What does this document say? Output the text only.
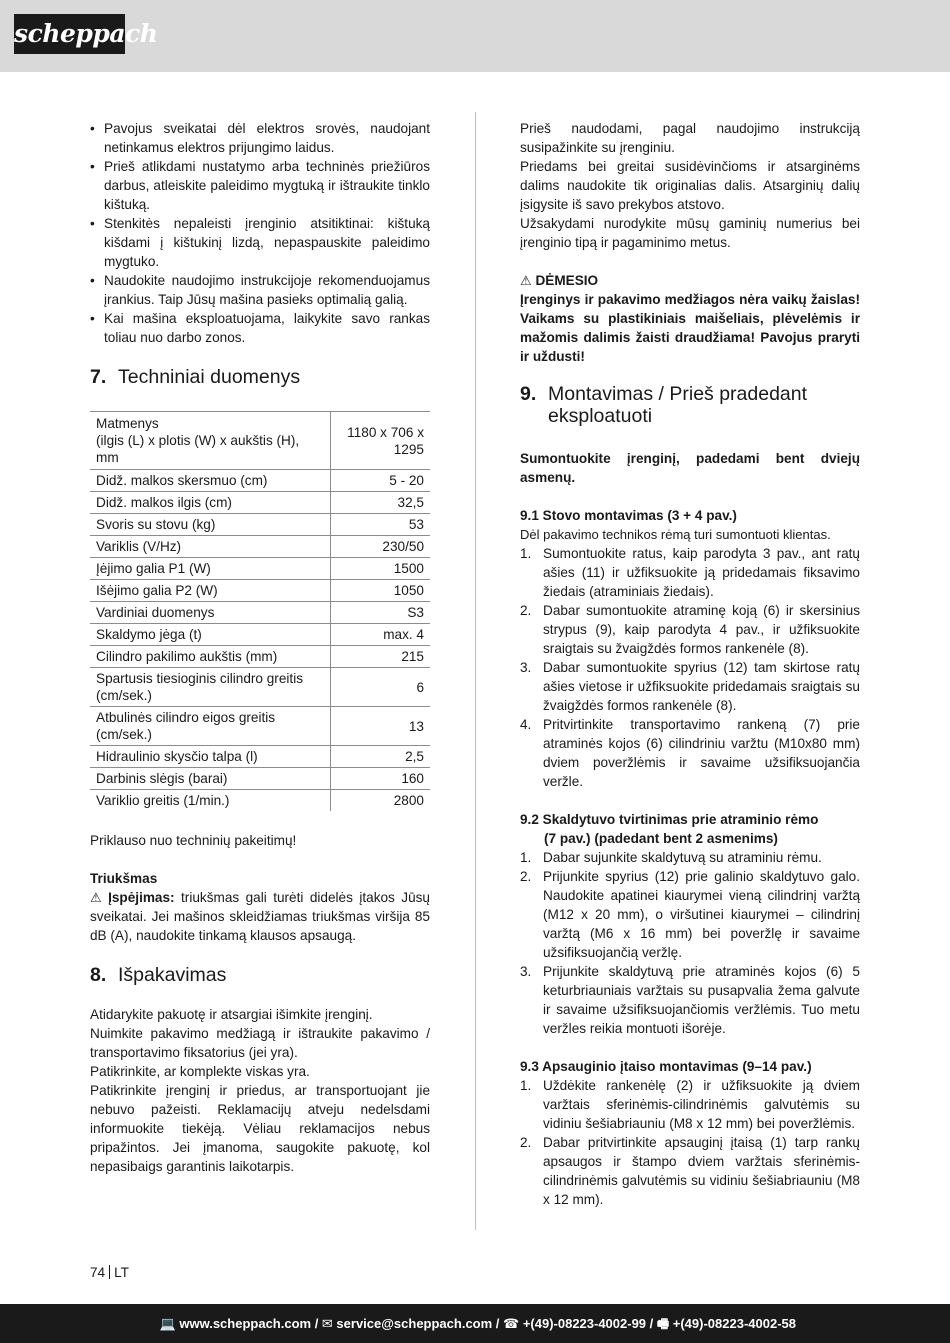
scheppach
• Pavojus sveikatai dėl elektros srovės, naudojant netinkamus elektros prijungimo laidus.
• Prieš atlikdami nustatymo arba techninės priežiūros darbus, atleiskite paleidimo mygtuką ir ištraukite tinklo kištuką.
• Stenkitės nepaleisti įrenginio atsitiktinai: kištuką kišdami į kištukinį lizdą, nepaspauskite paleidimo mygtuko.
• Naudokite naudojimo instrukcijoje rekomenduojamus įrankius. Taip Jūsų mašina pasieks optimalią galią.
• Kai mašina eksploatuojama, laikykite savo rankas toliau nuo darbo zonos.
7. Techniniai duomenys
Matmenys
(ilgis (L) x plotis (W) x aukštis (H), mm	1180 x 706 x 1295
Didž. malkos skersmuo (cm)	5 - 20
Didž. malkos ilgis (cm)	32,5
Svoris su stovu (kg)	53
Variklis (V/Hz)	230/50
Įėjimo galia P1 (W)	1500
Išėjimo galia P2 (W)	1050
Vardiniai duomenys	S3
Skaldymo jėga (t)	max. 4
Cilindro pakilimo aukštis (mm)	215
Spartusis tiesioginis cilindro greitis (cm/sek.)	6
Atbulinės cilindro eigos greitis (cm/sek.)	13
Hidraulinio skysčio talpa (l)	2,5
Darbinis slėgis (barai)	160
Variklio greitis (1/min.)	2800

Priklauso nuo techninių pakeitimų!

Triukšmas

⚠ Įspėjimas: triukšmas gali turėti didelės įtakos Jūsų sveikatai. Jei mašinos skleidžiamas triukšmas viršija 85 dB (A), naudokite tinkamą klausos apsaugą.

8. Išpakavimas

Atidarykite pakuotę ir atsargiai išimkite įrenginį.

Nuimkite pakavimo medžiagą ir ištraukite pakavimo / transportavimo fiksatorius (jei yra).

Patikrinkite, ar komplekte viskas yra.

Patikrinkite įrenginį ir priedus, ar transportuojant jie nebuvo pažeisti. Reklamacijų atveju nedelsdami informuokite tiekėją. Vėliau reklamacijos nebus pripažintos. Jei įmanoma, saugokite pakuotę, kol nepasibaigs garantinis laikotarpis.

Prieš naudodami, pagal naudojimo instrukciją susipažinkite su įrenginiu.

Priedams bei greitai susidėvinčioms ir atsarginėms dalims naudokite tik originalias dalis. Atsarginių dalių įsigysite iš savo prekybos atstovo.

Užsakydami nurodykite mūsų gaminių numerius bei įrenginio tipą ir pagaminimo metus.

⚠ DĖMESIO

Įrenginys ir pakavimo medžiagos nėra vaikų žaislas! Vaikams su plastikiniais maišeliais, plėvelėmis ir mažomis dalimis žaisti draudžiama! Pavojus praryti ir uždusti!

9. Montavimas / Prieš pradedant eksploatuoti

Sumontuokite įrenginį, padedami bent dviejų asmenų.

9.1 Stovo montavimas (3 + 4 pav.)

Dėl pakavimo technikos rėmą turi sumontuoti klientas.

1. Sumontuokite ratus, kaip parodyta 3 pav., ant ratų ašies (11) ir užfiksuokite ją pridedamais fiksavimo žiedais (atraminiais žiedais).
2. Dabar sumontuokite atraminę koją (6) ir skersinius strypus (9), kaip parodyta 4 pav., ir užfiksuokite sraigtais su žvaigždės formos rankenėle (8).
3. Dabar sumontuokite spyrius (12) tam skirtose ratų ašies vietose ir užfiksuokite pridedamais sraigtais su žvaigždės formos rankenėle (8).
4. Pritvirtinkite transportavimo rankeną (7) prie atraminės kojos (6) cilindriniu varžtu (M10x80 mm) dviem poveržlėmis ir savaime užsifiksuojančia veržle.

9.2 Skaldytuvo tvirtinimas prie atraminio rėmo

(7 pav.) (padedant bent 2 asmenims)

1. Dabar sujunkite skaldytuvą su atraminiu rėmu.
2. Prijunkite spyrius (12) prie galinio skaldytuvo galo. Naudokite apatinei kiaurymei vieną cilindrinį varžtą (M12 x 20 mm), o viršutinei kiaurymei – cilindrinį varžtą (M6 x 16 mm) bei poveržlę ir savaime užsifiksuojančią veržlę.
3. Prijunkite skaldytuvą prie atraminės kojos (6) 5 keturbriauniais varžtais su pusapvalia žema galvute ir savaime užsifiksuojančiomis veržlėmis. Tuo metu veržles reikia montuoti išorėje.

9.3 Apsauginio įtaiso montavimas (9–14 pav.)

1. Uždėkite rankenėlę (2) ir užfiksuokite ją dviem varžtais sferinėmis-cilindrinėmis galvutėmis su vidiniu šešiabriauniu (M8 x 12 mm) bei poveržlėmis.
2. Dabar pritvirtinkite apsauginį įtaisą (1) tarp rankų apsaugos ir štampo dviem varžtais sferinėmis-cilindrinėmis galvutėmis su vidiniu šešiabriauniu (M8 x 12 mm).
74 LT
💻 www.scheppach.com / ✉ service@scheppach.com / ☎ +(49)-08223-4002-99 / 🖷 +(49)-08223-4002-58
